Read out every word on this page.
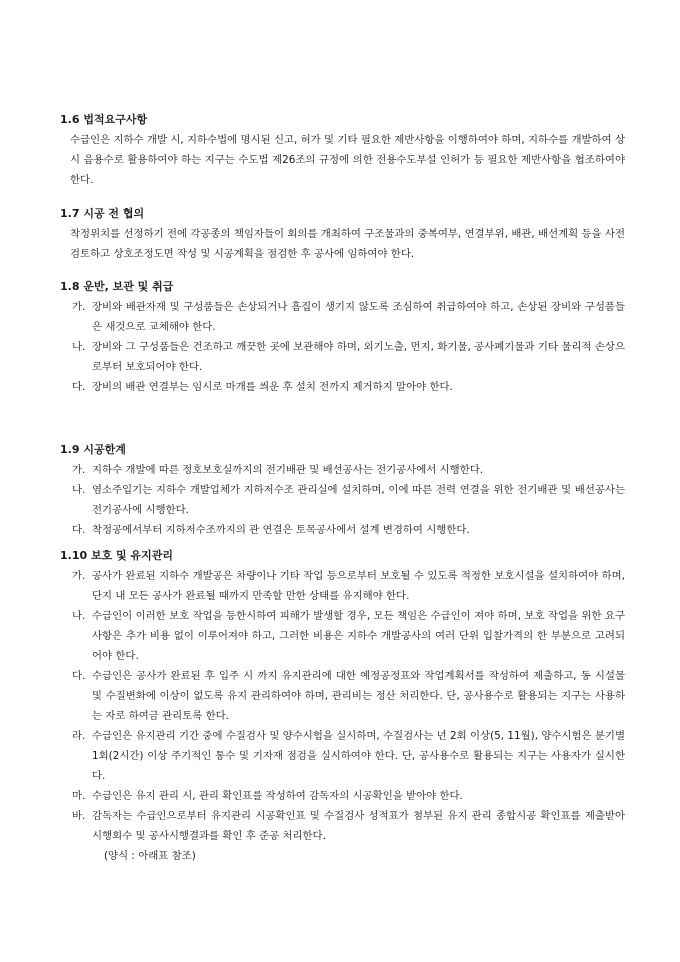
1.6 법적요구사항
수급인은 지하수 개발 시, 지하수법에 명시된 신고, 허가 및 기타 필요한 제반사항을 이행하여야 하며, 지하수를 개발하여 상시 음용수로 활용하여야 하는 지구는 수도법 제26조의 규정에 의한 전용수도부설 인허가 등 필요한 제반사항을 협조하여야 한다.
1.7 시공 전 협의
착정위치를 선정하기 전에 각공종의 책임자들이 회의를 개최하여 구조물과의 중복여부, 연결부위, 배관, 배선계획 등을 사전검토하고 상호조정도면 작성 및 시공계획을 점검한 후 공사에 임하여야 한다.
1.8 운반, 보관 및 취급
가. 장비와 배관자재 및 구성품들은 손상되거나 흠집이 생기지 않도록 조심하여 취급하여야 하고, 손상된 장비와 구성품들은 새것으로 교체해야 한다.
나. 장비와 그 구성품들은 건조하고 깨끗한 곳에 보관해야 하며, 외기노출, 먼지, 화기물, 공사폐기물과 기타 물리적 손상으로부터 보호되어야 한다.
다. 장비의 배관 연결부는 임시로 마개를 씌운 후 설치 전까지 제거하지 말아야 한다.
1.9 시공한계
가. 지하수 개발에 따른 정호보호실까지의 전기배관 및 배선공사는 전기공사에서 시행한다.
나. 염소주입기는 지하수 개발업체가 지하저수조 관리실에 설치하며, 이에 따른 전력 연결을 위한 전기배관 및 배선공사는 전기공사에 시행한다.
다. 착정공에서부터 지하저수조까지의 관 연결은 토목공사에서 설계 변경하여 시행한다.
1.10 보호 및 유지관리
가. 공사가 완료된 지하수 개발공은 차량이나 기타 작업 등으로부터 보호될 수 있도록 적정한 보호시설을 설치하여야 하며, 단지 내 모든 공사가 완료될 때까지 만족할 만한 상태를 유지해야 한다.
나. 수급인이 이러한 보호 작업을 등한시하여 피해가 발생할 경우, 모든 책임은 수급인이 져야 하며, 보호 작업을 위한 요구사항은 추가 비용 없이 이루어져야 하고, 그러한 비용은 지하수 개발공사의 여러 단위 입찰가격의 한 부분으로 고려되어야 한다.
다. 수급인은 공사가 완료된 후 입주 시 까지 유지관리에 대한 예정공정표와 작업계획서를 작성하여 제출하고, 동 시설물 및 수질변화에 이상이 없도록 유지 관리하여야 하며, 관리비는 정산 처리한다. 단, 공사용수로 활용되는 지구는 사용하는 자로 하여금 관리토록 한다.
라. 수급인은 유지관리 기간 중에 수질검사 및 양수시험을 실시하며, 수질검사는 년 2회 이상(5, 11월), 양수시험은 분기별 1회(2시간) 이상 주기적인 통수 및 기자재 점검을 실시하여야 한다. 단, 공사용수로 활용되는 지구는 사용자가 실시한다.
마. 수급인은 유지 관리 시, 관리 확인표를 작성하여 감독자의 시공확인을 받아야 한다.
바. 감독자는 수급인으로부터 유지관리 시공확인표 및 수질검사 성적표가 첨부된 유지 관리 종합시공 확인표를 제출받아 시행회수 및 공사시행결과를 확인 후 준공 처리한다.
(양식 : 아래표 참조)
